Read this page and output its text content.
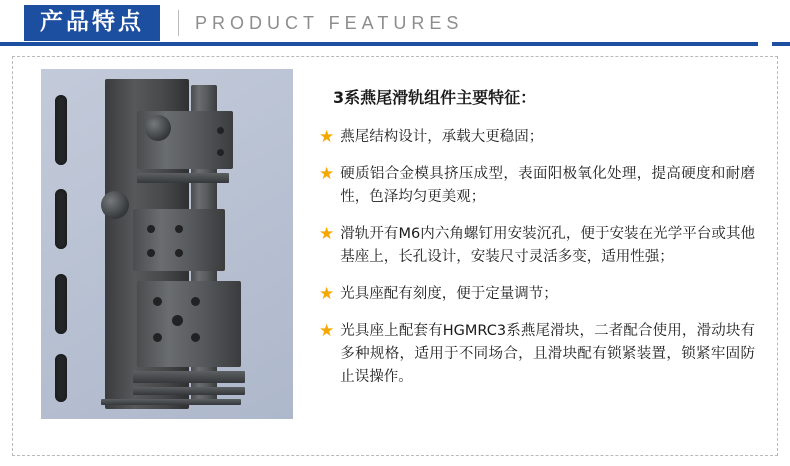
产品特点	PRODUCT FEATURES
3系燕尾滑轨组件主要特征：
★ 燕尾结构设计，承载大更稳固；
★ 硬质铝合金模具挤压成型，表面阳极氧化处理，提高硬度和耐磨性，色泽均匀更美观；
★ 滑轨开有M6内六角螺钉用安装沉孔，便于安装在光学平台或其他基座上，长孔设计，安装尺寸灵活多变，适用性强；
★ 光具座配有刻度，便于定量调节；
★ 光具座上配套有HGMRC3系燕尾滑块，二者配合使用，滑动块有多种规格，适用于不同场合，且滑块配有锁紧装置，锁紧牢固防止误操作。
